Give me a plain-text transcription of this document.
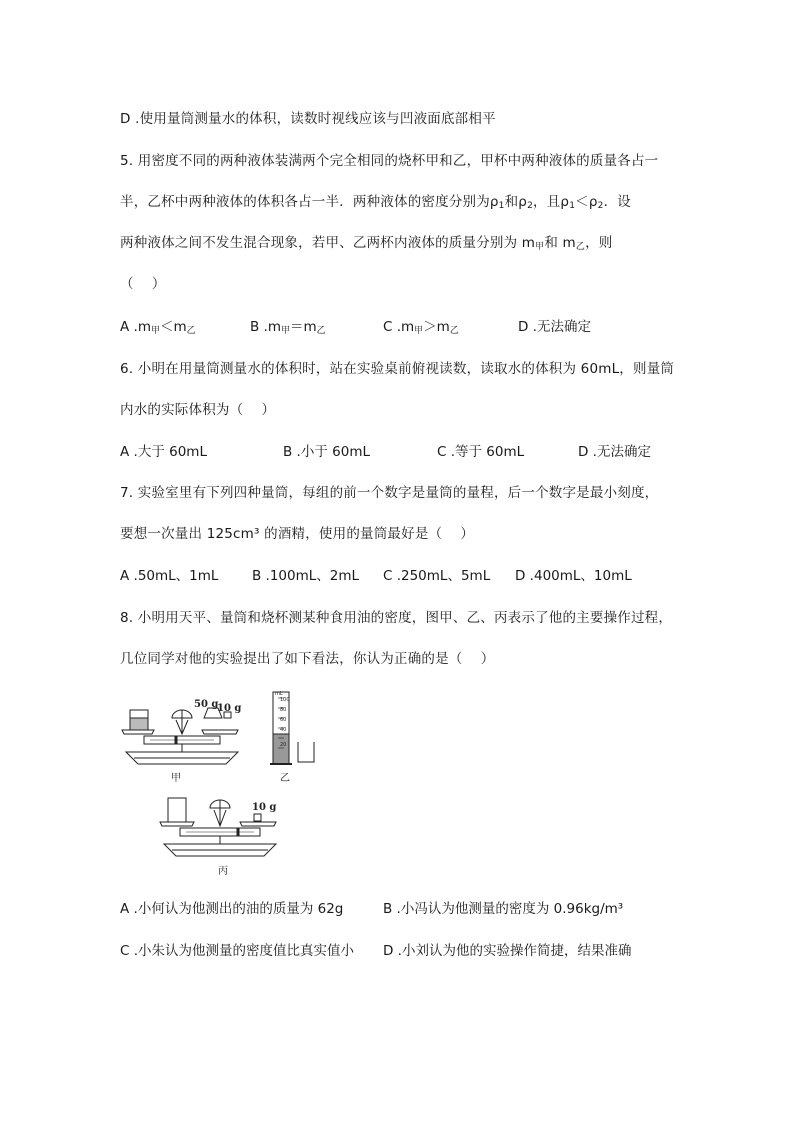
D .使用量筒测量水的体积，读数时视线应该与凹液面底部相平
5. 用密度不同的两种液体装满两个完全相同的烧杯甲和乙，甲杯中两种液体的质量各占一
半，乙杯中两种液体的体积各占一半．两种液体的密度分别为$\rho_1$和$\rho_2$，且$\rho_1<\rho_2$．设
两种液体之间不发生混合现象，若甲、乙两杯内液体的质量分别为 $m_甲$和 $m_乙$，则
（　 ）
A $.m_甲<m_乙$	B $.m_甲=m_乙$	C $.m_甲>m_乙$	D .无法确定
6. 小明在用量筒测量水的体积时，站在实验桌前俯视读数，读取水的体积为 60mL，则量筒
内水的实际体积为（　 ）
A .大于 60mL	B .小于 60mL	C .等于 60mL	D .无法确定
7. 实验室里有下列四种量筒，每组的前一个数字是量筒的量程，后一个数字是最小刻度，
要想一次量出 125cm³ 的酒精，使用的量筒最好是（　 ）
A .50mL、1mL B .100mL、2mL C .250mL、5mL D .400mL、10mL
8. 小明用天平、量筒和烧杯测某种食用油的密度，图甲、乙、丙表示了他的主要操作过程，
几位同学对他的实验提出了如下看法，你认为正确的是（　 ）
50 g
10 g
甲
mL
100
80
60
40
20
乙
10 g
丙
A .小何认为他测出的油的质量为 62g	B .小冯认为他测量的密度为 0.96kg/m³
C .小朱认为他测量的密度值比真实值小 D .小刘认为他的实验操作简捷，结果准确
